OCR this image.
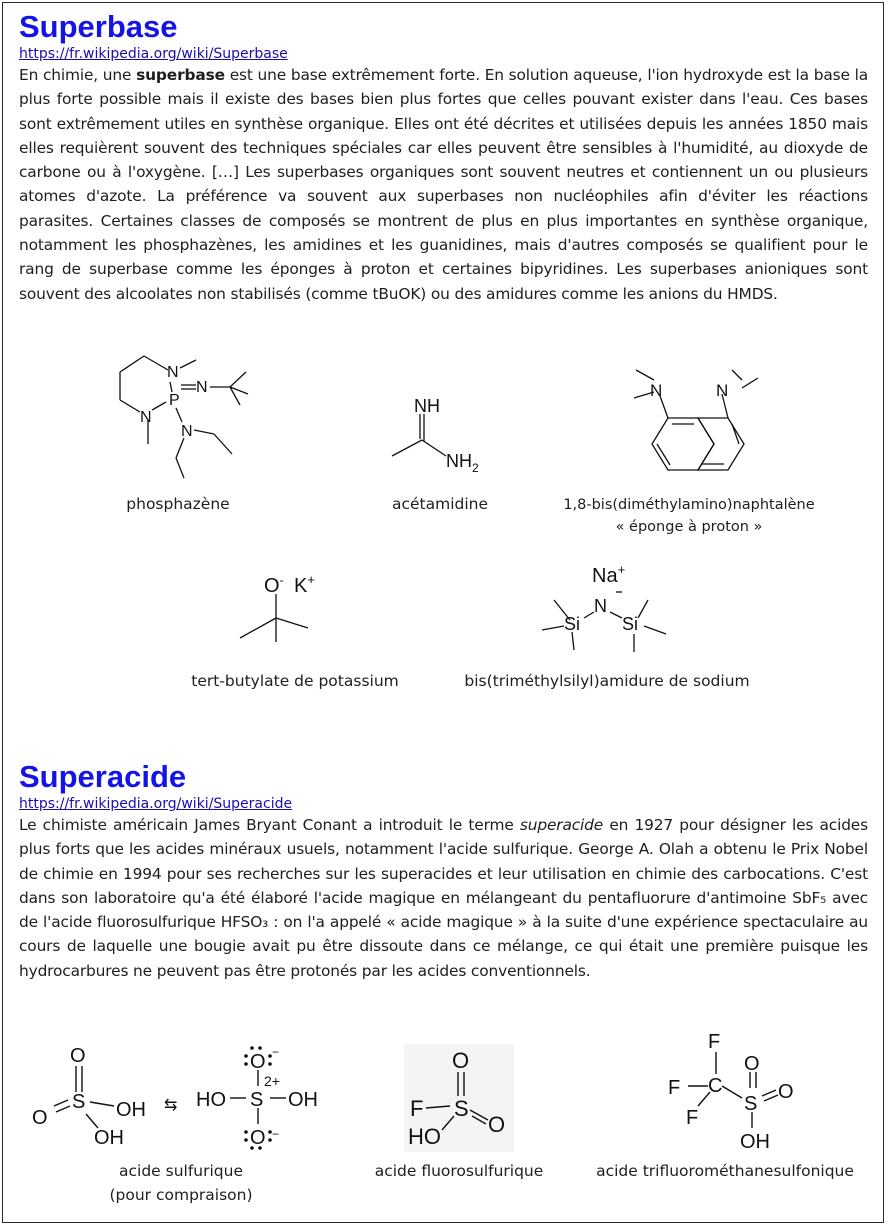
Superbase
https://fr.wikipedia.org/wiki/Superbase

En chimie, une superbase est une base extrêmement forte. En solution aqueuse, l'ion hydroxyde est la base la plus forte possible mais il existe des bases bien plus fortes que celles pouvant exister dans l'eau. Ces bases sont extrêmement utiles en synthèse organique. Elles ont été décrites et utilisées depuis les années 1850 mais elles requièrent souvent des techniques spéciales car elles peuvent être sensibles à l'humidité, au dioxyde de carbone ou à l'oxygène. […] Les superbases organiques sont souvent neutres et contiennent un ou plusieurs atomes d'azote. La préférence va souvent aux superbases non nucléophiles afin d'éviter les réactions parasites. Certaines classes de composés se montrent de plus en plus importantes en synthèse organique, notamment les phosphazènes, les amidines et les guanidines, mais d'autres composés se qualifient pour le rang de superbase comme les éponges à proton et certaines bipyridines. Les superbases anioniques sont souvent des alcoolates non stabilisés (comme tBuOK) ou des amidures comme les anions du HMDS.

N
P
N
N
N
phosphazène
NH
$NH_2$
acétamidine
N	N
1,8-bis(diméthylamino)naphtalène
« éponge à proton »
O- K+
tert-butylate de potassium
Na+
N
Si Si
bis(triméthylsilyl)amidure de sodium
Superacide
https://fr.wikipedia.org/wiki/Superacide

Le chimiste américain James Bryant Conant a introduit le terme superacide en 1927 pour désigner les acides plus forts que les acides minéraux usuels, notamment l'acide sulfurique. George A. Olah a obtenu le Prix Nobel de chimie en 1994 pour ses recherches sur les superacides et leur utilisation en chimie des carbocations. C'est dans son laboratoire qu'a été élaboré l'acide magique en mélangeant du pentafluorure d'antimoine SbF₅ avec de l'acide fluorosulfurique HFSO₃ : on l'a appelé « acide magique » à la suite d'une expérience spectaculaire au cours de laquelle une bougie avait pu être dissoute dans ce mélange, ce qui était une première puisque les hydrocarbures ne peuvent pas être protonés par les acides conventionnels.

O
S
O	OH
OH
⇆
O −
S
2+
HO	OH
O −
acide sulfurique
(pour compraison)
O
S
F
O
HO
acide fluorosulfurique
F
C
F
F
O
S
O
OH
acide trifluorométhanesulfonique
